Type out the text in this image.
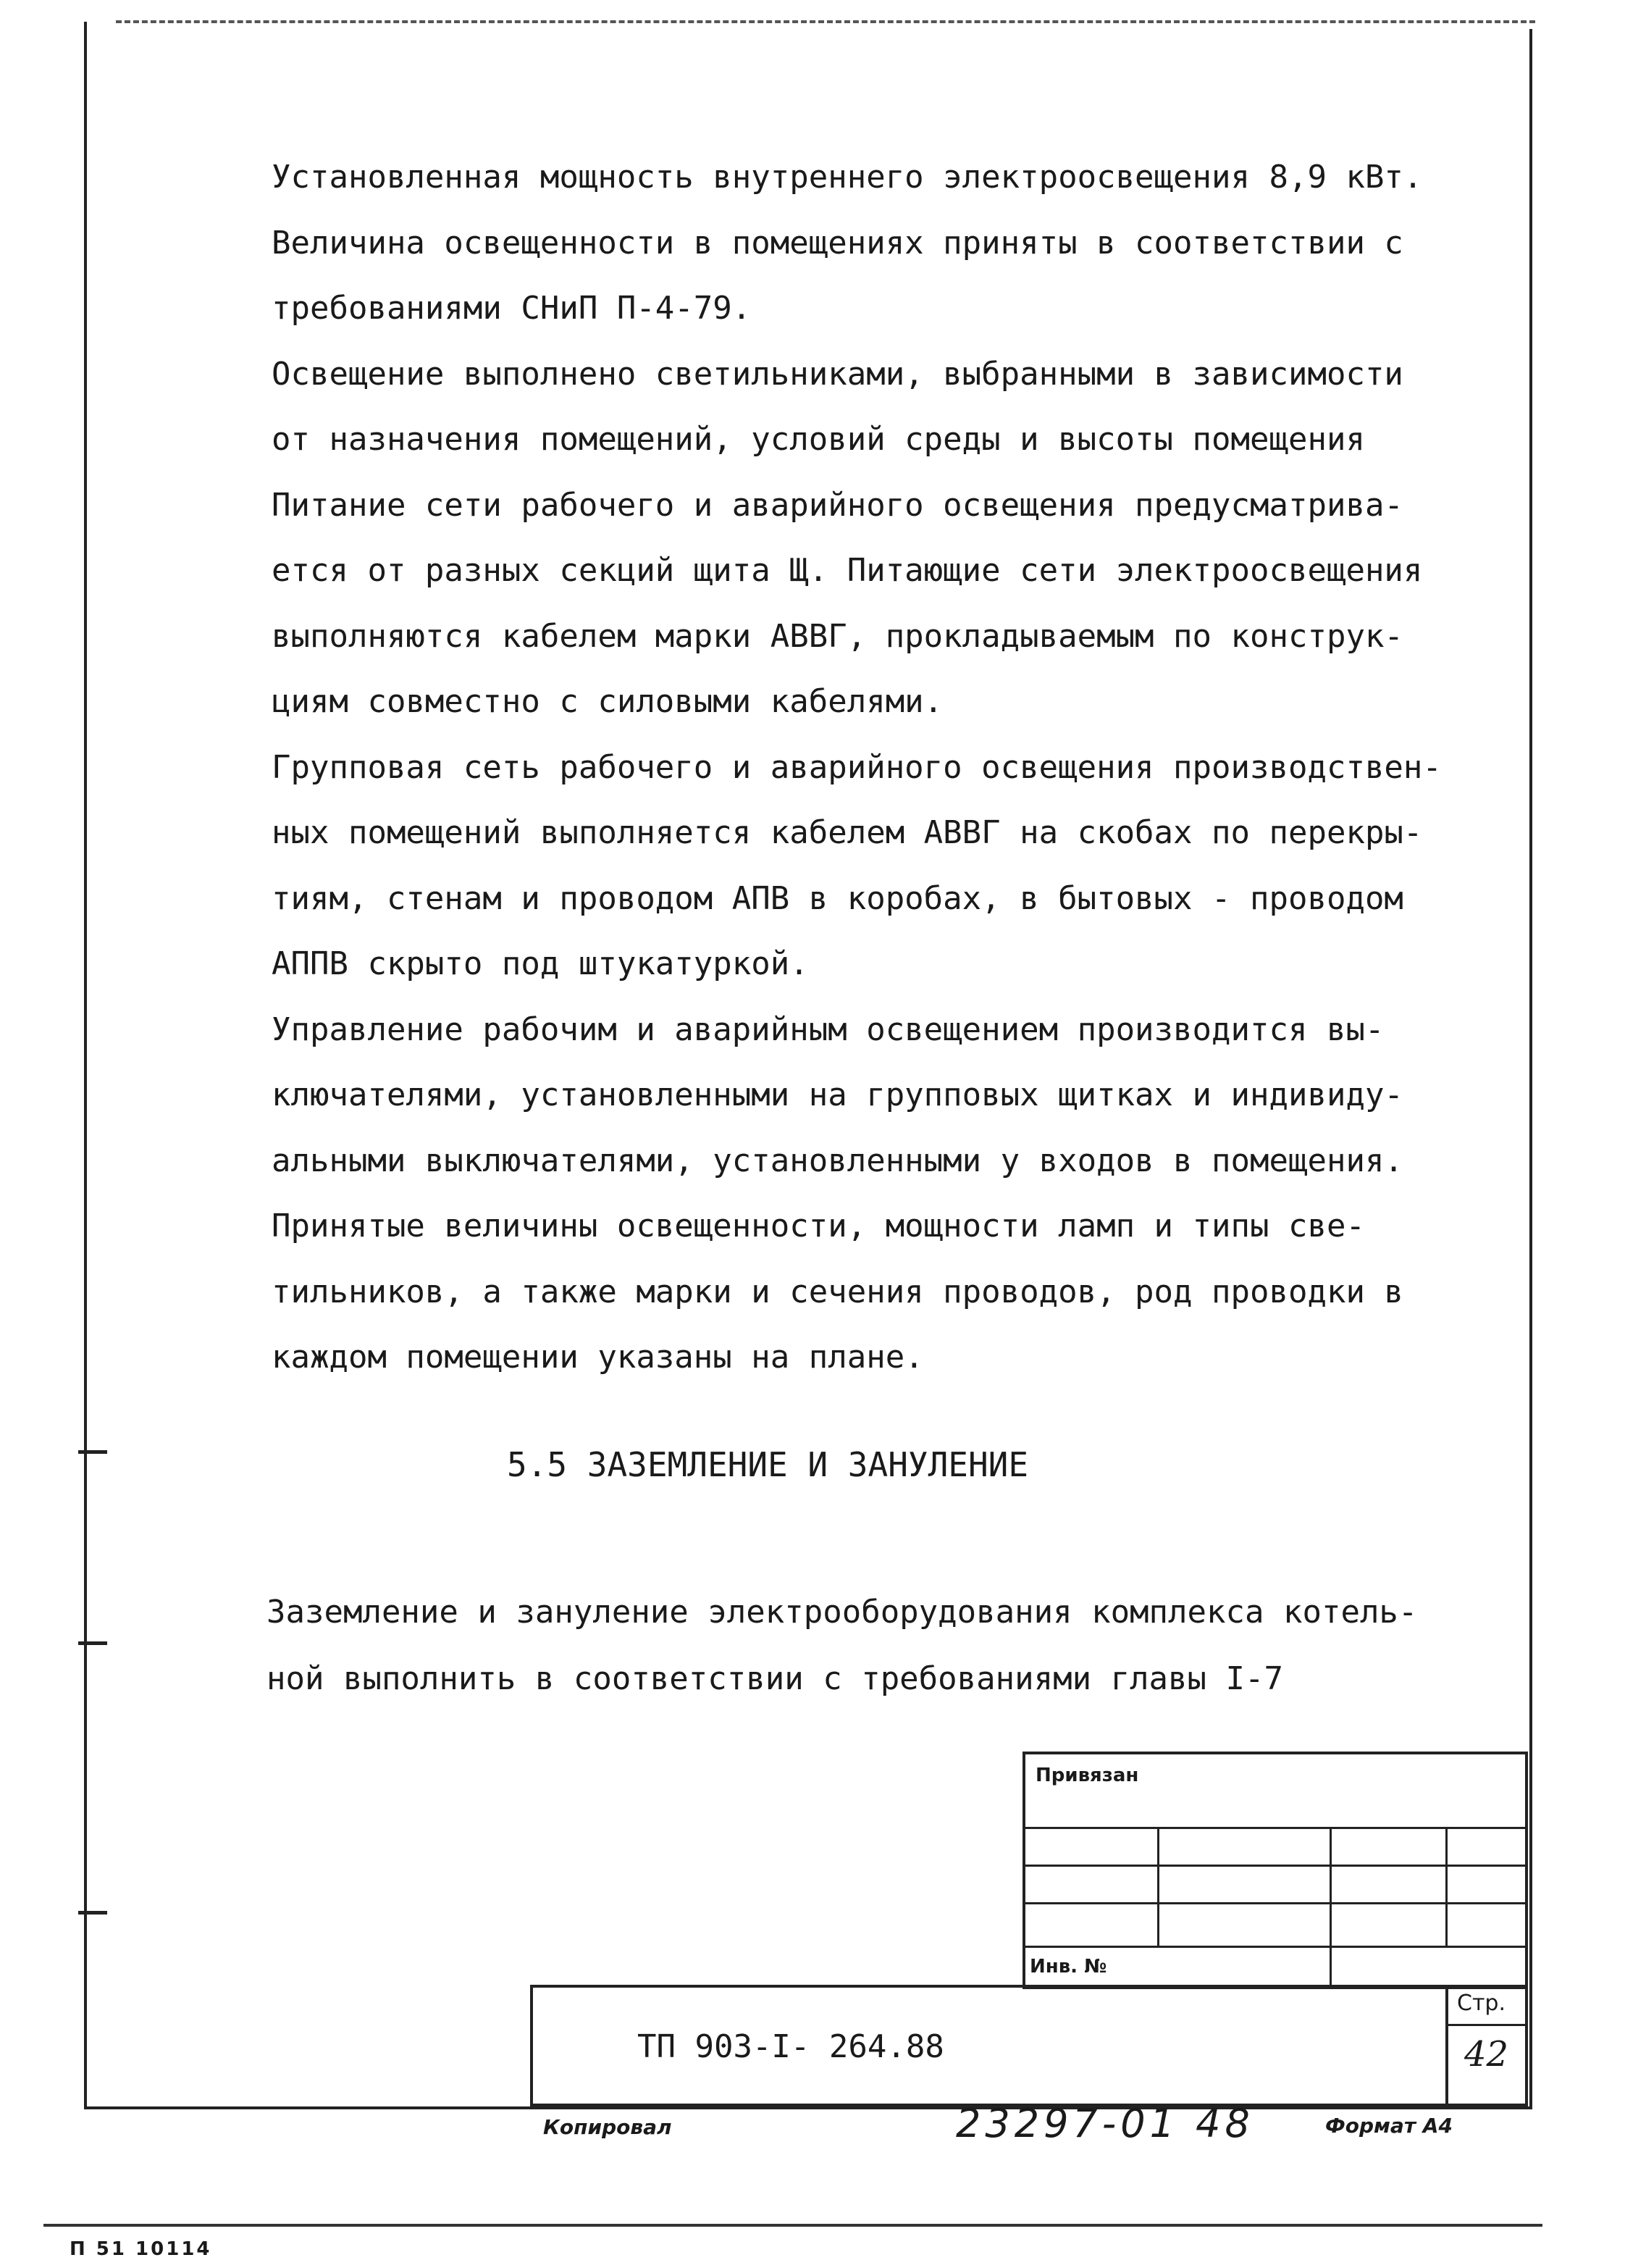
Установленная мощность внутреннего электроосвещения 8,9 кВт.

Величина освещенности в помещениях приняты в соответствии с

требованиями СНиП П-4-79.

Освещение выполнено светильниками, выбранными в зависимости

от назначения помещений, условий среды и высоты помещения

Питание сети рабочего и аварийного освещения предусматрива-

ется от разных секций щита Щ. Питающие сети электроосвещения

выполняются кабелем марки АВВГ, прокладываемым по конструк-

циям совместно с силовыми кабелями.

Групповая сеть рабочего и аварийного освещения производствен-

ных помещений выполняется кабелем АВВГ на скобах по перекры-

тиям, стенам и проводом АПВ в коробах, в бытовых - проводом

АППВ скрыто под штукатуркой.

Управление рабочим и аварийным освещением производится вы-

ключателями, установленными на групповых щитках и индивиду-

альными выключателями, установленными у входов в помещения.

Принятые величины освещенности, мощности ламп и типы све-

тильников, а также марки и сечения проводов, род проводки в

каждом помещении указаны на плане.

5.5 ЗАЗЕМЛЕНИЕ И ЗАНУЛЕНИЕ

Заземление и зануление электрооборудования комплекса котель-

ной выполнить в соответствии с требованиями главы I-7

Привязан
Инв. №
ТП 903-I- 264.88
Стр.
42
Копировал	23297-01 48	Формат А4
П 51 10114
